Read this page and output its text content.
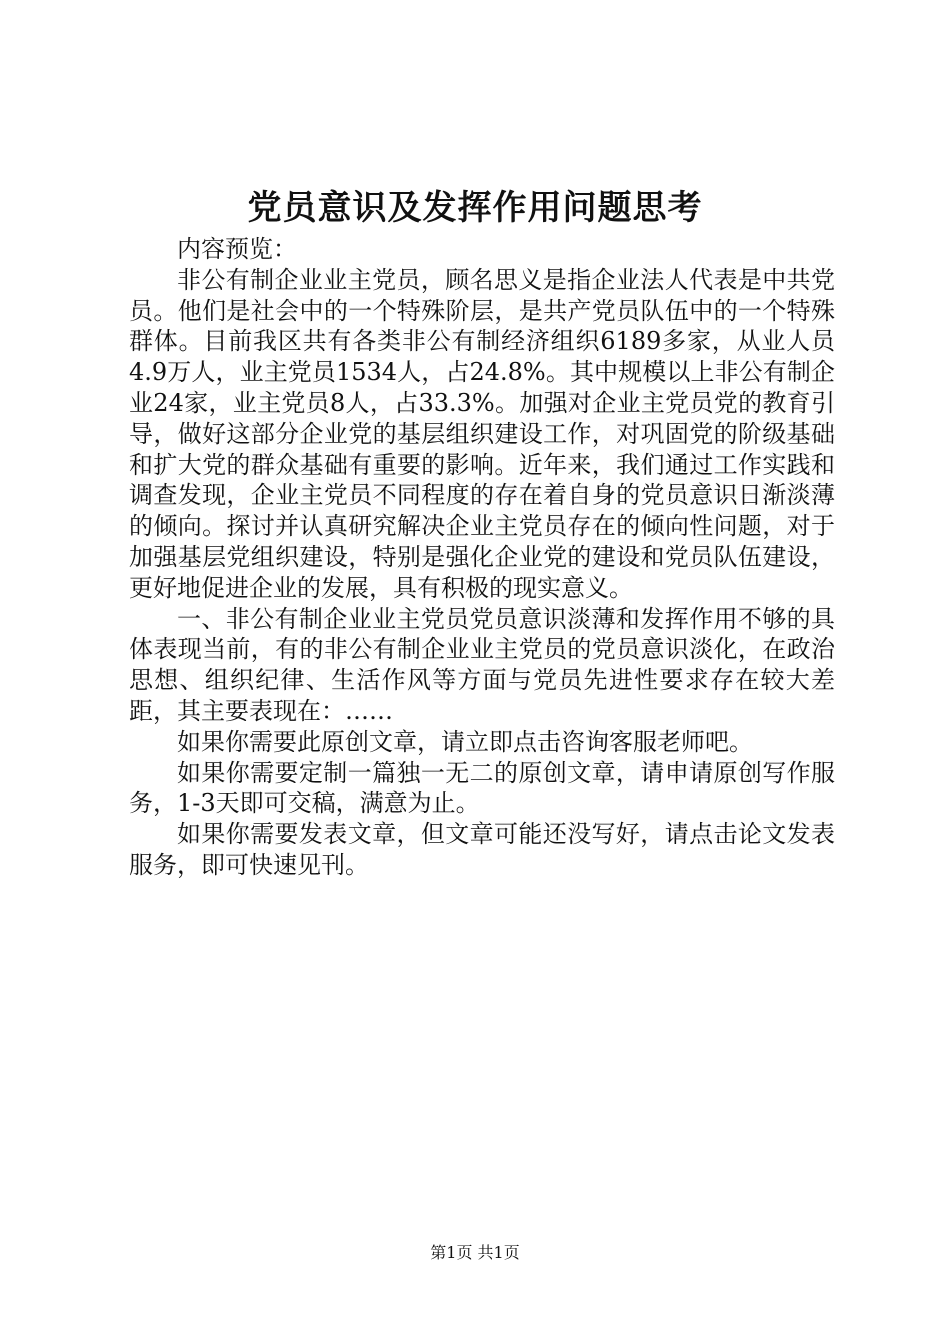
党员意识及发挥作用问题思考

内容预览：

非公有制企业业主党员，顾名思义是指企业法人代表是中共党员。他们是社会中的一个特殊阶层，是共产党员队伍中的一个特殊群体。目前我区共有各类非公有制经济组织6189多家，从业人员4.9万人，业主党员1534人，占24.8%。其中规模以上非公有制企业24家，业主党员8人，占33.3%。加强对企业主党员党的教育引导，做好这部分企业党的基层组织建设工作，对巩固党的阶级基础和扩大党的群众基础有重要的影响。近年来，我们通过工作实践和调查发现，企业主党员不同程度的存在着自身的党员意识日渐淡薄的倾向。探讨并认真研究解决企业主党员存在的倾向性问题，对于加强基层党组织建设，特别是强化企业党的建设和党员队伍建设，更好地促进企业的发展，具有积极的现实意义。

一、非公有制企业业主党员党员意识淡薄和发挥作用不够的具体表现当前，有的非公有制企业业主党员的党员意识淡化，在政治思想、组织纪律、生活作风等方面与党员先进性要求存在较大差距，其主要表现在：……

如果你需要此原创文章，请立即点击咨询客服老师吧。

如果你需要定制一篇独一无二的原创文章，请申请原创写作服务，1-3天即可交稿，满意为止。

如果你需要发表文章，但文章可能还没写好，请点击论文发表服务，即可快速见刊。

第1页 共1页
